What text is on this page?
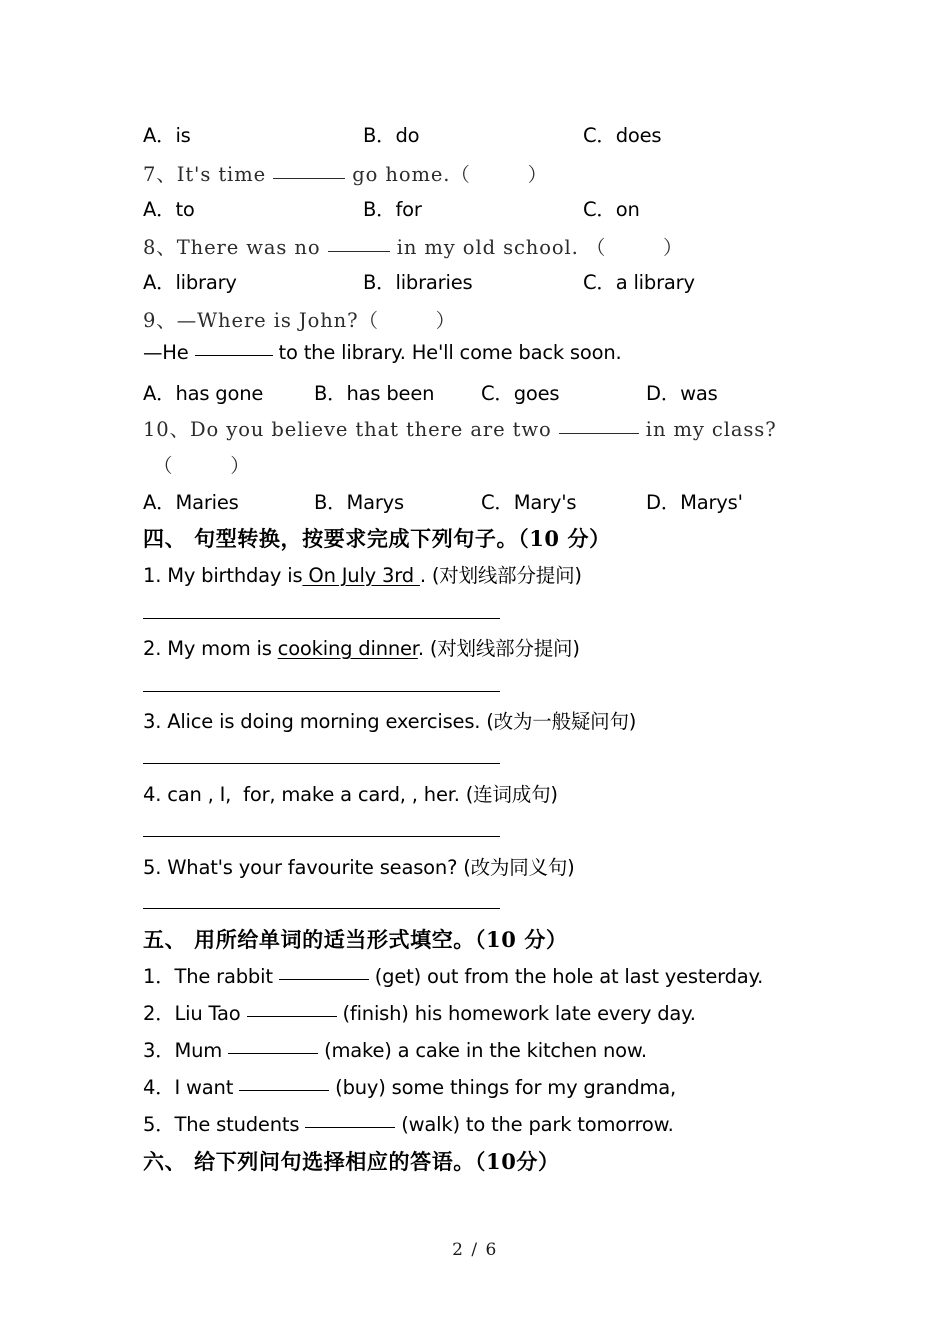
A．is

	B．do

	C．does

7、It's time	go home.（        ）

A．to

	B．for

	C．on

8、There was no	in my old school. （        ）

A．library

	B．libraries

	C．a library

9、—Where is John?（        ）
—He	to the library. He'll come back soon.

A．has gone

	B．has been

C．goes

	D．was

10、Do you believe that there are two	in my class?
（        ）

A．Maries

	B．Marys

	C．Mary's

	D．Marys'

四、 句型转换，按要求完成下列句子。（10 分）
1. My birthday is On July 3rd . (对划线部分提问)
2. My mom is cooking dinner. (对划线部分提问)
3. Alice is doing morning exercises. (改为一般疑问句)
4. can , I,  for, make a card, , her. (连词成句)
5. What's your favourite season? (改为同义句)
五、 用所给单词的适当形式填空。（10 分）
1．The rabbit	(get) out from the hole at last yesterday.
2．Liu Tao	(finish) his homework late every day.
3．Mum	(make) a cake in the kitchen now.
4．I want	(buy) some things for my grandma,
5．The students	(walk) to the park tomorrow.
六、 给下列问句选择相应的答语。（10分）
2 / 6
